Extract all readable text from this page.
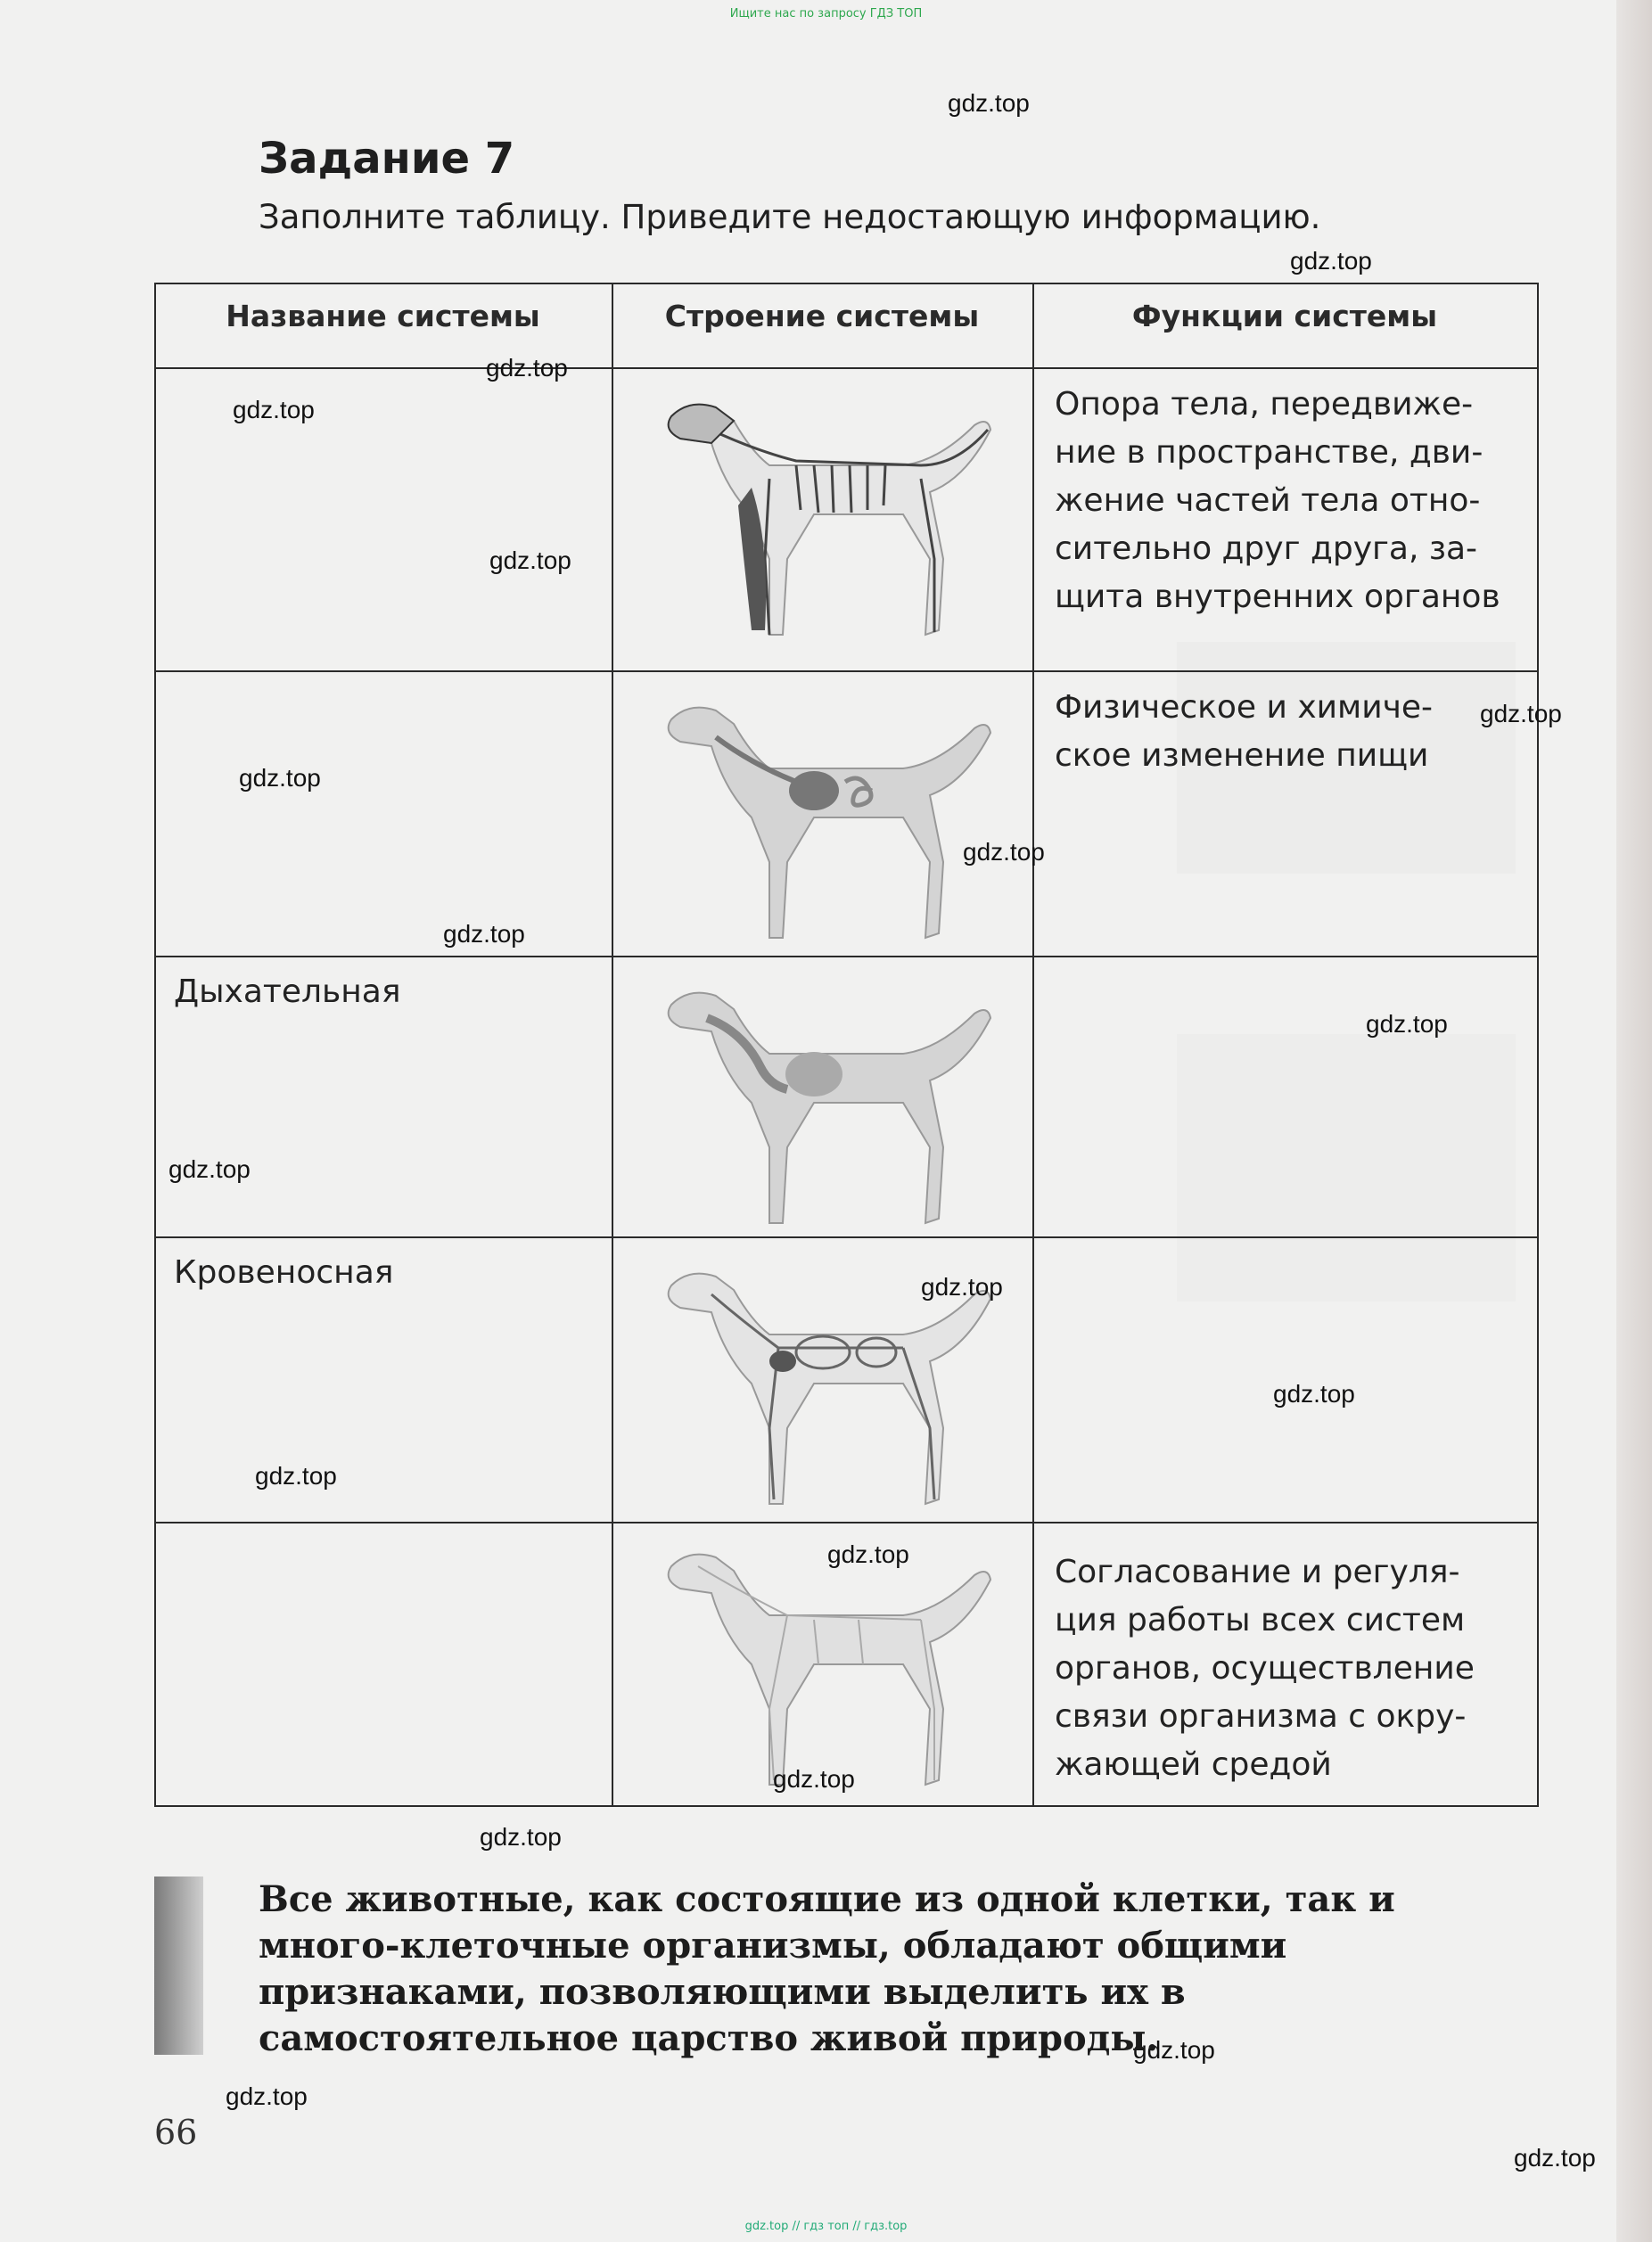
Ищите нас по запросу ГДЗ ТОП
Задание 7
Заполните таблицу. Приведите недостающую информацию.
Название системы	Строение системы	Функции системы
Опора тела, передвиже-
ние в пространстве, дви-
жение частей тела отно-
сительно друг друга, за-
щита внутренних органов
Физическое и химиче-
ское изменение пищи
Дыхательная
Кровеносная
Согласование и регуля-
ция работы всех систем
органов, осуществление
связи организма с окру-
жающей средой
gdz.top
gdz.top
gdz.top
gdz.top
gdz.top
gdz.top
gdz.top
gdz.top
gdz.top
gdz.top
gdz.top
gdz.top
gdz.top
gdz.top
gdz.top
gdz.top
gdz.top
gdz.top
gdz.top
gdz.top
Все животные, как состоящие из одной клетки, так и много-клеточные организмы, обладают общими признаками, позволяющими выделить их в самостоятельное царство живой природы.
66
gdz.top // гдз топ // гдз.top
